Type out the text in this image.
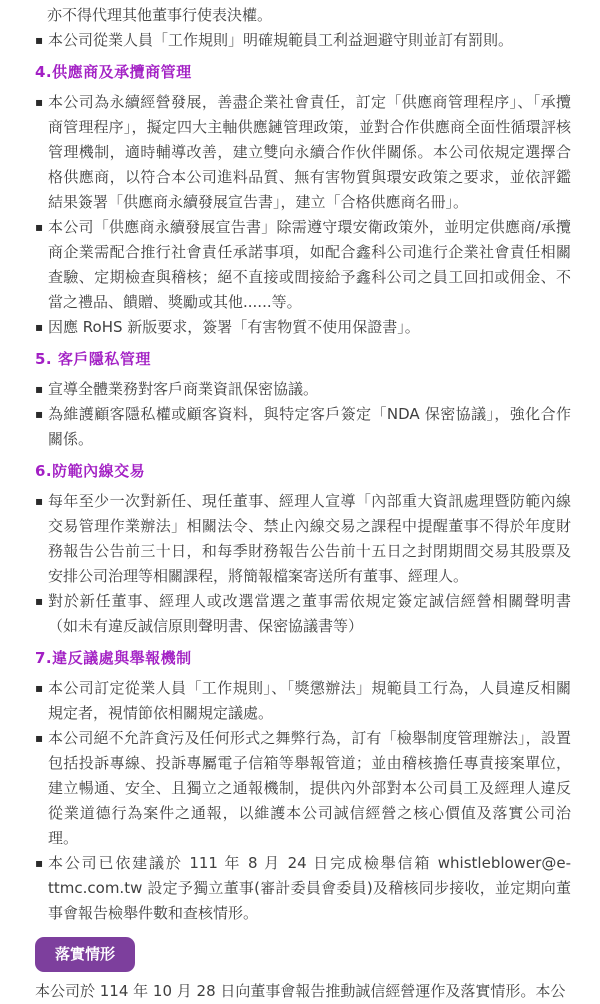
亦不得代理其他董事行使表決權。

▪ 本公司從業人員「工作規則」明確規範員工利益迴避守則並訂有罰則。
4.供應商及承攬商管理
▪ 本公司為永續經營發展，善盡企業社會責任，訂定「供應商管理程序」、「承攬商管理程序」，擬定四大主軸供應鏈管理政策，並對合作供應商全面性循環評核管理機制，適時輔導改善，建立雙向永續合作伙伴關係。本公司依規定選擇合格供應商，以符合本公司進料品質、無有害物質與環安政策之要求，並依評鑑結果簽署「供應商永續發展宣告書」，建立「合格供應商名冊」。
▪ 本公司「供應商永續發展宣告書」除需遵守環安衛政策外，並明定供應商/承攬商企業需配合推行社會責任承諾事項，如配合鑫科公司進行企業社會責任相關查驗、定期檢查與稽核；絕不直接或間接給予鑫科公司之員工回扣或佣金、不當之禮品、饋贈、獎勵或其他......等。
▪ 因應 RoHS 新版要求，簽署「有害物質不使用保證書」。
5. 客戶隱私管理
▪ 宣導全體業務對客戶商業資訊保密協議。
▪ 為維護顧客隱私權或顧客資料，與特定客戶簽定「NDA 保密協議」，強化合作關係。
6.防範內線交易
▪ 每年至少一次對新任、現任董事、經理人宣導「內部重大資訊處理暨防範內線交易管理作業辦法」相關法令、禁止內線交易之課程中提醒董事不得於年度財務報告公告前三十日，和每季財務報告公告前十五日之封閉期間交易其股票及安排公司治理等相關課程，將簡報檔案寄送所有董事、經理人。
▪ 對於新任董事、經理人或改選當選之董事需依規定簽定誠信經營相關聲明書（如未有違反誠信原則聲明書、保密協議書等）
7.違反議處與舉報機制
▪ 本公司訂定從業人員「工作規則」、「獎懲辦法」規範員工行為，人員違反相關規定者，視情節依相關規定議處。
▪ 本公司絕不允許貪污及任何形式之舞弊行為，訂有「檢舉制度管理辦法」，設置包括投訴專線、投訴專屬電子信箱等舉報管道；並由稽核擔任專責接案單位，建立暢通、安全、且獨立之通報機制，提供內外部對本公司員工及經理人違反從業道德行為案件之通報，以維護本公司誠信經營之核心價值及落實公司治理。
▪ 本公司已依建議於 111 年 8 月 24 日完成檢舉信箱 whistleblower@e-ttmc.com.tw 設定予獨立董事(審計委員會委員)及稽核同步接收，並定期向董事會報告檢舉件數和查核情形。
落實情形

本公司於 114 年 10 月 28 日向董事會報告推動誠信經營運作及落實情形。本公
